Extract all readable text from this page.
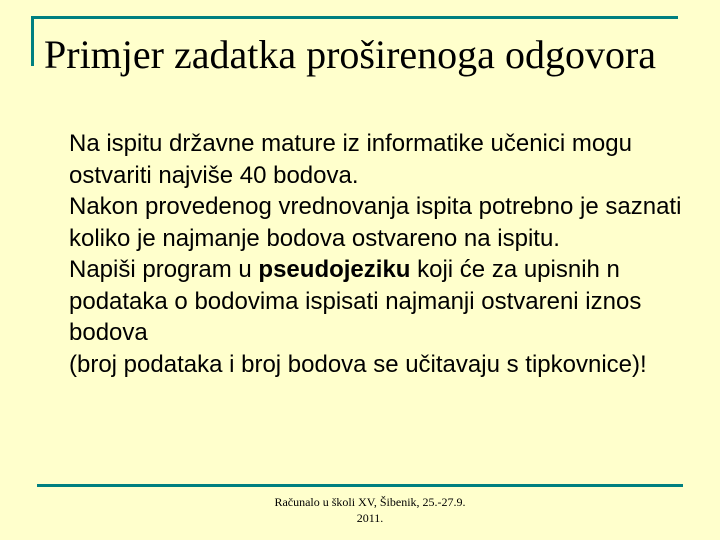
Primjer zadatka proširenoga odgovora

Na ispitu državne mature iz informatike učenici mogu ostvariti najviše 40 bodova.

Nakon provedenog vrednovanja ispita potrebno je saznati koliko je najmanje bodova ostvareno na ispitu.

Napiši program u pseudojeziku koji će za upisnih n podataka o bodovima ispisati najmanji ostvareni iznos bodova

(broj podataka i broj bodova se učitavaju s tipkovnice)!

Računalo u školi XV, Šibenik, 25.-27.9.
2011.
